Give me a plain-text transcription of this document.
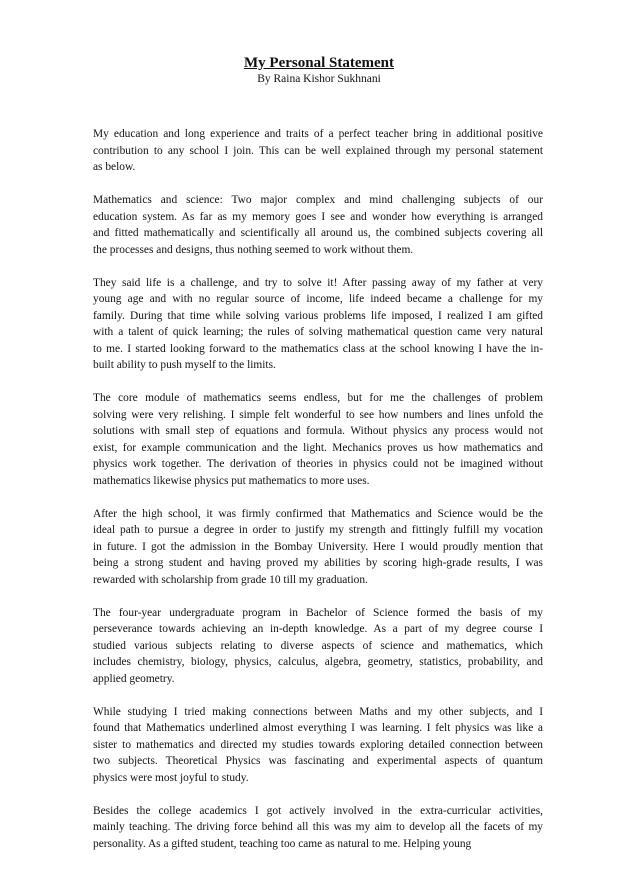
My Personal Statement

By Raina Kishor Sukhnani

My education and long experience and traits of a perfect teacher bring in additional positive
contribution to any school I join. This can be well explained through my personal statement
as below.
Mathematics and science: Two major complex and mind challenging subjects of our
education system. As far as my memory goes I see and wonder how everything is arranged
and fitted mathematically and scientifically all around us, the combined subjects covering all
the processes and designs, thus nothing seemed to work without them.
They said life is a challenge, and try to solve it! After passing away of my father at very
young age and with no regular source of income, life indeed became a challenge for my
family. During that time while solving various problems life imposed, I realized I am gifted
with a talent of quick learning; the rules of solving mathematical question came very natural
to me. I started looking forward to the mathematics class at the school knowing I have the in-
built ability to push myself to the limits.
The core module of mathematics seems endless, but for me the challenges of problem
solving were very relishing. I simple felt wonderful to see how numbers and lines unfold the
solutions with small step of equations and formula. Without physics any process would not
exist, for example communication and the light. Mechanics proves us how mathematics and
physics work together. The derivation of theories in physics could not be imagined without
mathematics likewise physics put mathematics to more uses.
After the high school, it was firmly confirmed that Mathematics and Science would be the
ideal path to pursue a degree in order to justify my strength and fittingly fulfill my vocation
in future. I got the admission in the Bombay University. Here I would proudly mention that
being a strong student and having proved my abilities by scoring high-grade results, I was
rewarded with scholarship from grade 10 till my graduation.
The four-year undergraduate program in Bachelor of Science formed the basis of my
perseverance towards achieving an in-depth knowledge. As a part of my degree course I
studied various subjects relating to diverse aspects of science and mathematics, which
includes chemistry, biology, physics, calculus, algebra, geometry, statistics, probability, and
applied geometry.
While studying I tried making connections between Maths and my other subjects, and I
found that Mathematics underlined almost everything I was learning. I felt physics was like a
sister to mathematics and directed my studies towards exploring detailed connection between
two subjects. Theoretical Physics was fascinating and experimental aspects of quantum
physics were most joyful to study.
Besides the college academics I got actively involved in the extra-curricular activities,
mainly teaching. The driving force behind all this was my aim to develop all the facets of my
personality. As a gifted student, teaching too came as natural to me. Helping young
